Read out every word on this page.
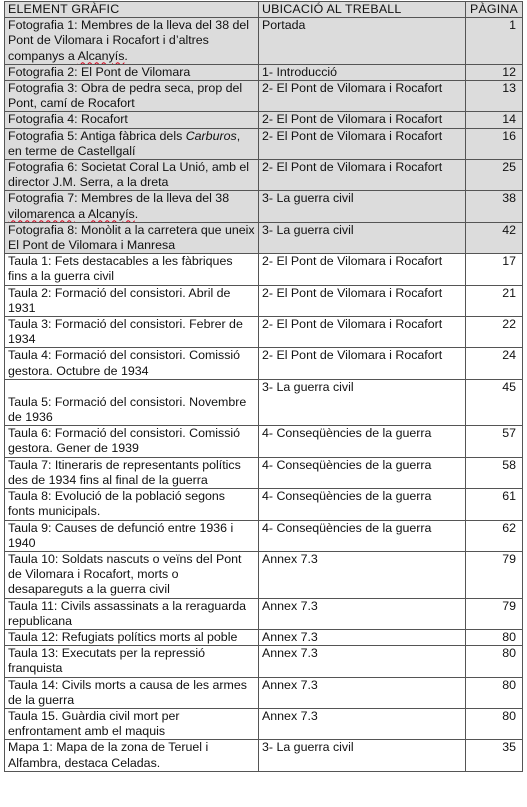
ELEMENT GRÀFIC	UBICACIÓ AL TREBALL	PÀGINA
Fotografia 1: Membres de la lleva del 38 del Pont de Vilomara i Rocafort i d’altres companys a Alcanyís.	Portada	1
Fotografia 2: El Pont de Vilomara	1- Introducció	12
Fotografia 3: Obra de pedra seca, prop del Pont, camí de Rocafort	2- El Pont de Vilomara i Rocafort	13
Fotografia 4: Rocafort	2- El Pont de Vilomara i Rocafort	14
Fotografia 5: Antiga fàbrica dels Carburos, en terme de Castellgalí	2- El Pont de Vilomara i Rocafort	16
Fotografia 6: Societat Coral La Unió, amb el director J.M. Serra, a la dreta	2- El Pont de Vilomara i Rocafort	25
Fotografia 7: Membres de la lleva del 38 vilomarenca a Alcanyís.	3- La guerra civil	38
Fotografia 8: Monòlit a la carretera que uneix El Pont de Vilomara i Manresa	3- La guerra civil	42
Taula 1: Fets destacables a les fàbriques fins a la guerra civil	2- El Pont de Vilomara i Rocafort	17
Taula 2: Formació del consistori. Abril de 1931	2- El Pont de Vilomara i Rocafort	21
Taula 3: Formació del consistori. Febrer de 1934	2- El Pont de Vilomara i Rocafort	22
Taula 4: Formació del consistori. Comissió gestora. Octubre de 1934	2- El Pont de Vilomara i Rocafort	24
Taula 5: Formació del consistori. Novembre de 1936	3- La guerra civil	45
Taula 6: Formació del consistori. Comissió gestora. Gener de 1939	4- Conseqüències de la guerra	57
Taula 7: Itineraris de representants polítics des de 1934 fins al final de la guerra	4- Conseqüències de la guerra	58
Taula 8: Evolució de la població segons fonts municipals.	4- Conseqüències de la guerra	61
Taula 9: Causes de defunció entre 1936 i 1940	4- Conseqüències de la guerra	62
Taula 10: Soldats nascuts o veïns del Pont de Vilomara i Rocafort, morts o desapareguts a la guerra civil	Annex 7.3	79
Taula 11: Civils assassinats a la reraguarda republicana	Annex 7.3	79
Taula 12: Refugiats polítics morts al poble	Annex 7.3	80
Taula 13: Executats per la repressió franquista	Annex 7.3	80
Taula 14: Civils morts a causa de les armes de la guerra	Annex 7.3	80
Taula 15. Guàrdia civil mort per enfrontament amb el maquis	Annex 7.3	80
Mapa 1: Mapa de la zona de Teruel i Alfambra, destaca Celadas.	3- La guerra civil	35
